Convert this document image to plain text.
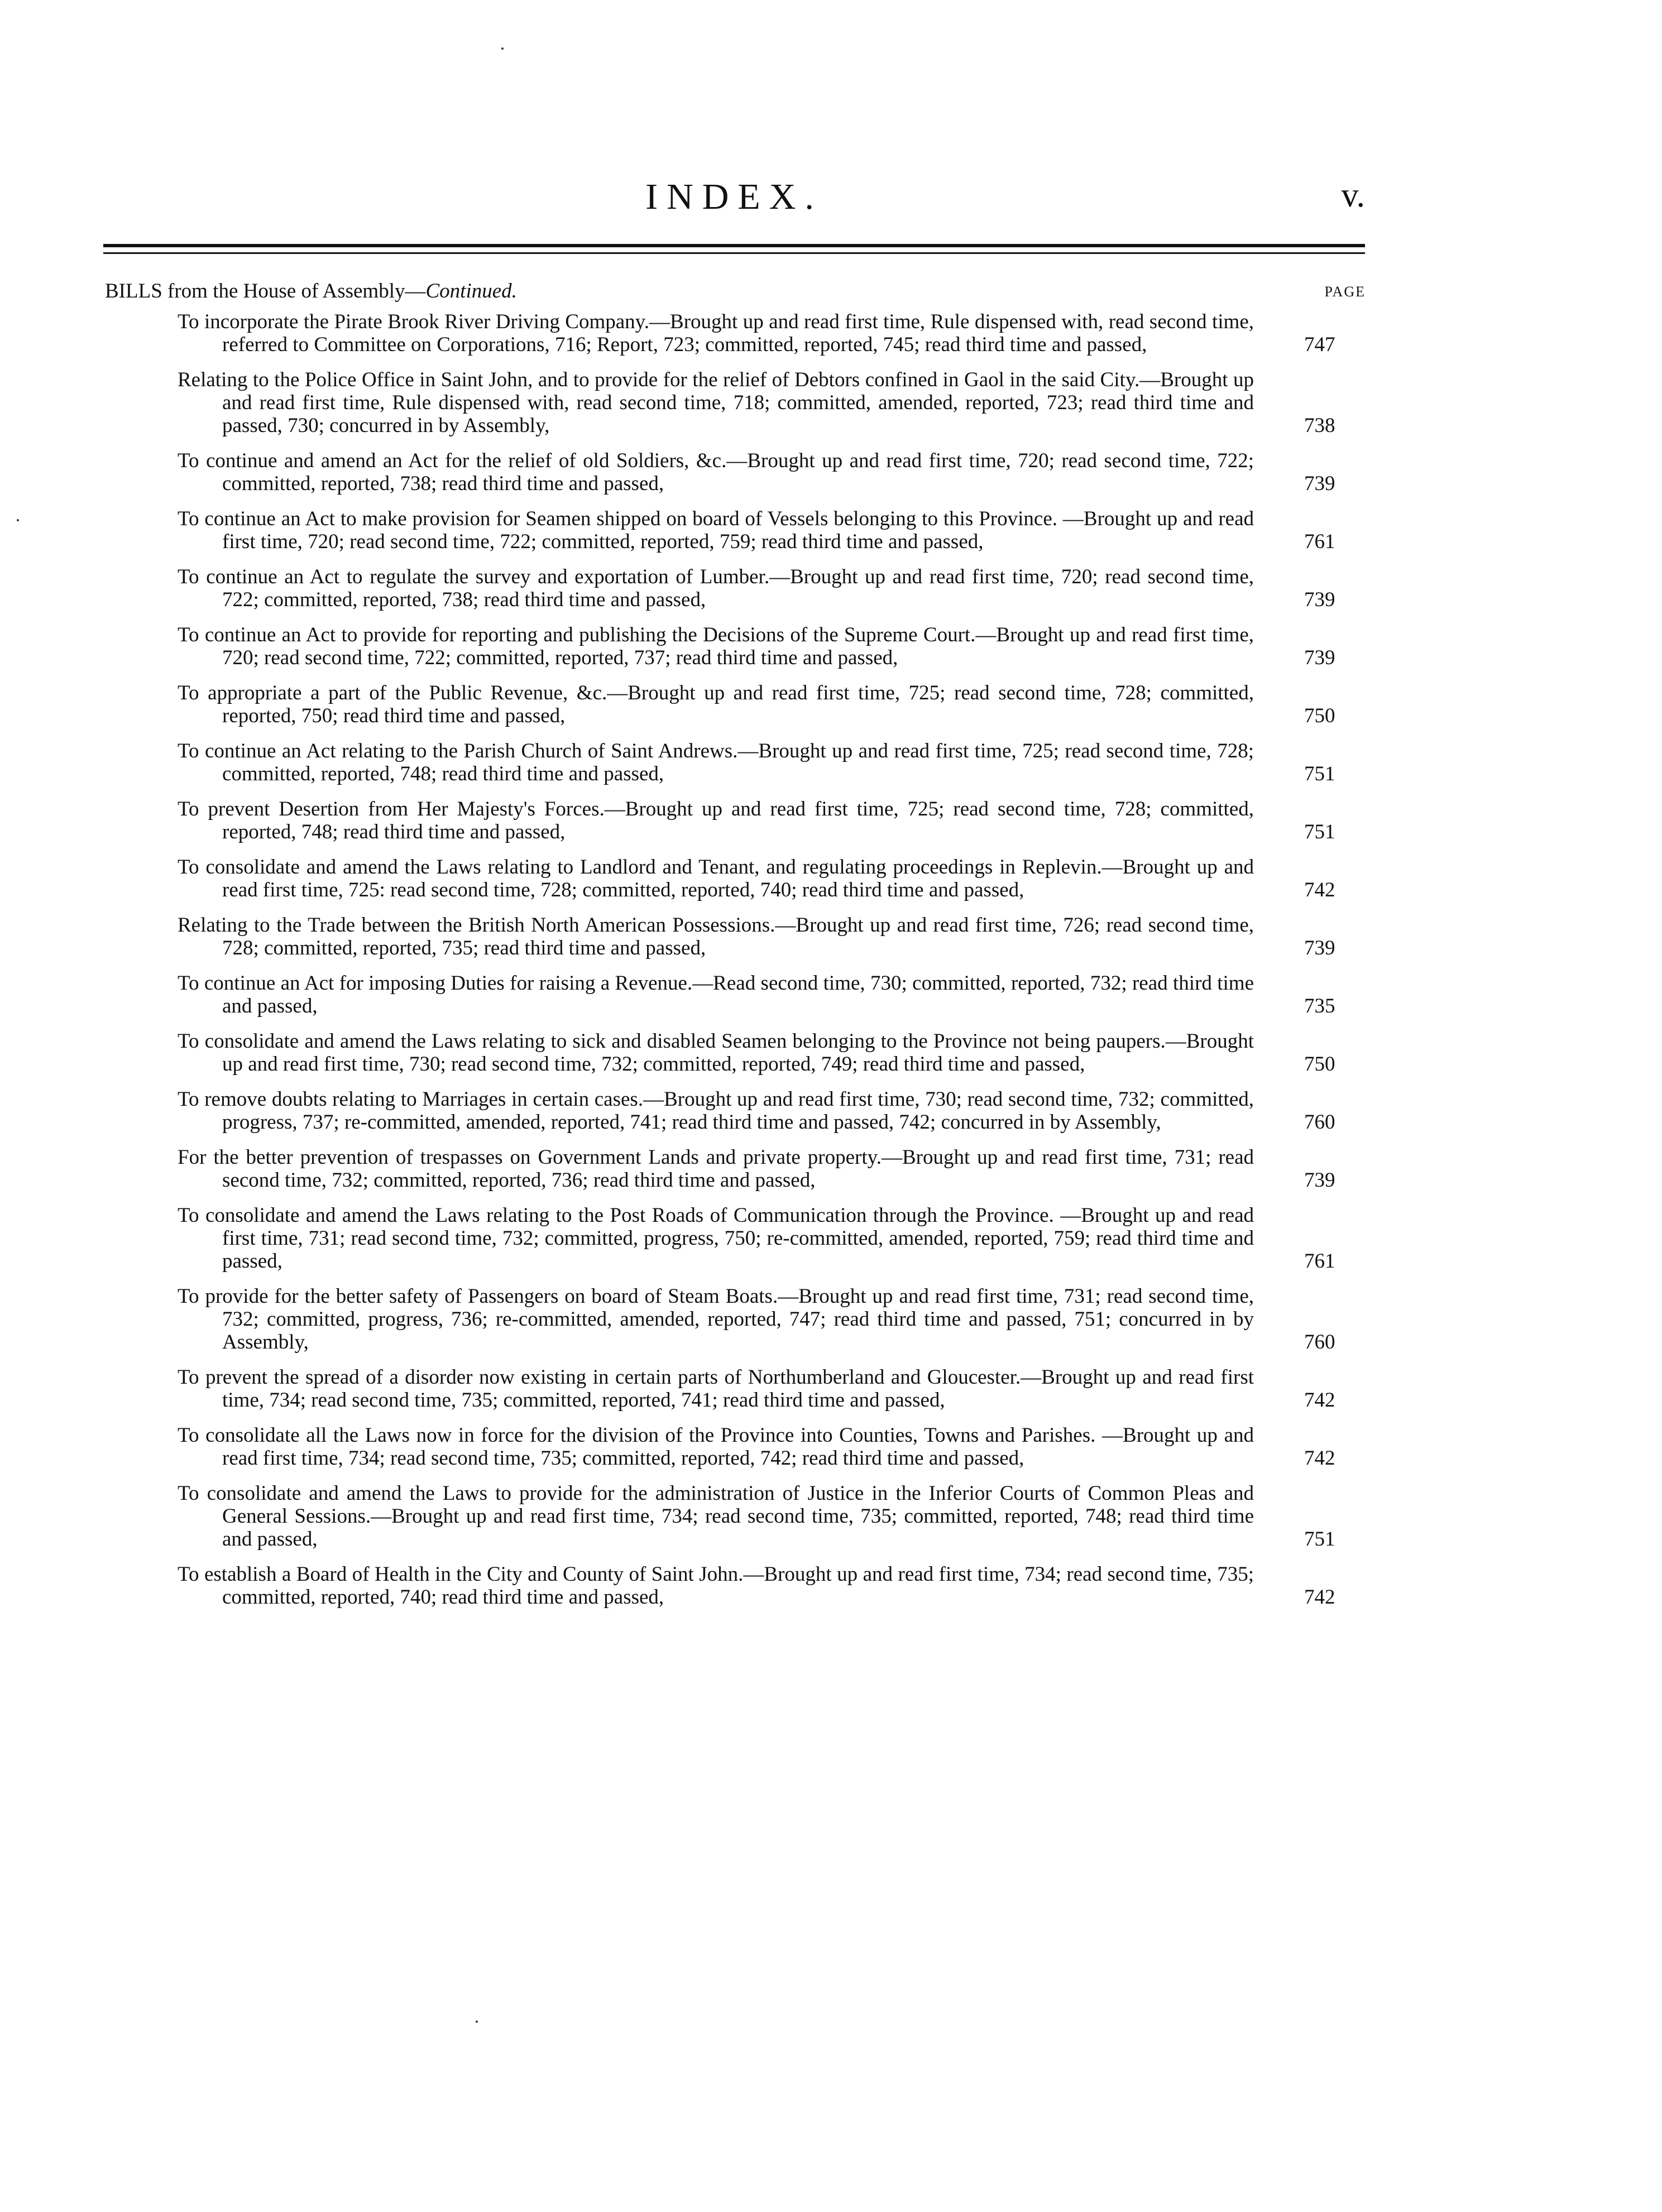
INDEX.	v.
BILLS from the House of Assembly—Continued.	PAGE
To incorporate the Pirate Brook River Driving Company.—Brought up and read first time, Rule dispensed with, read second time, referred to Committee on Corporations, 716; Report, 723; committed, reported, 745; read third time and passed,	747
Relating to the Police Office in Saint John, and to provide for the relief of Debtors confined in Gaol in the said City.—Brought up and read first time, Rule dispensed with, read second time, 718; committed, amended, reported, 723; read third time and passed, 730; concurred in by Assembly,	738
To continue and amend an Act for the relief of old Soldiers, &c.—Brought up and read first time, 720; read second time, 722; committed, reported, 738; read third time and passed,	739
To continue an Act to make provision for Seamen shipped on board of Vessels belonging to this Province. —Brought up and read first time, 720; read second time, 722; committed, reported, 759; read third time and passed,	761
To continue an Act to regulate the survey and exportation of Lumber.—Brought up and read first time, 720; read second time, 722; committed, reported, 738; read third time and passed,	739
To continue an Act to provide for reporting and publishing the Decisions of the Supreme Court.—Brought up and read first time, 720; read second time, 722; committed, reported, 737; read third time and passed,	739
To appropriate a part of the Public Revenue, &c.—Brought up and read first time, 725; read second time, 728; committed, reported, 750; read third time and passed,	750
To continue an Act relating to the Parish Church of Saint Andrews.—Brought up and read first time, 725; read second time, 728; committed, reported, 748; read third time and passed,	751
To prevent Desertion from Her Majesty's Forces.—Brought up and read first time, 725; read second time, 728; committed, reported, 748; read third time and passed,	751
To consolidate and amend the Laws relating to Landlord and Tenant, and regulating proceedings in Replevin.—Brought up and read first time, 725: read second time, 728; committed, reported, 740; read third time and passed,	742
Relating to the Trade between the British North American Possessions.—Brought up and read first time, 726; read second time, 728; committed, reported, 735; read third time and passed,	739
To continue an Act for imposing Duties for raising a Revenue.—Read second time, 730; committed, reported, 732; read third time and passed,	735
To consolidate and amend the Laws relating to sick and disabled Seamen belonging to the Province not being paupers.—Brought up and read first time, 730; read second time, 732; committed, reported, 749; read third time and passed,	750
To remove doubts relating to Marriages in certain cases.—Brought up and read first time, 730; read second time, 732; committed, progress, 737; re-committed, amended, reported, 741; read third time and passed, 742; concurred in by Assembly,	760
For the better prevention of trespasses on Government Lands and private property.—Brought up and read first time, 731; read second time, 732; committed, reported, 736; read third time and passed,	739
To consolidate and amend the Laws relating to the Post Roads of Communication through the Province. —Brought up and read first time, 731; read second time, 732; committed, progress, 750; re-committed, amended, reported, 759; read third time and passed,	761
To provide for the better safety of Passengers on board of Steam Boats.—Brought up and read first time, 731; read second time, 732; committed, progress, 736; re-committed, amended, reported, 747; read third time and passed, 751; concurred in by Assembly,	760
To prevent the spread of a disorder now existing in certain parts of Northumberland and Gloucester.—Brought up and read first time, 734; read second time, 735; committed, reported, 741; read third time and passed,	742
To consolidate all the Laws now in force for the division of the Province into Counties, Towns and Parishes. —Brought up and read first time, 734; read second time, 735; committed, reported, 742; read third time and passed,	742
To consolidate and amend the Laws to provide for the administration of Justice in the Inferior Courts of Common Pleas and General Sessions.—Brought up and read first time, 734; read second time, 735; committed, reported, 748; read third time and passed,	751
To establish a Board of Health in the City and County of Saint John.—Brought up and read first time, 734; read second time, 735; committed, reported, 740; read third time and passed,	742
